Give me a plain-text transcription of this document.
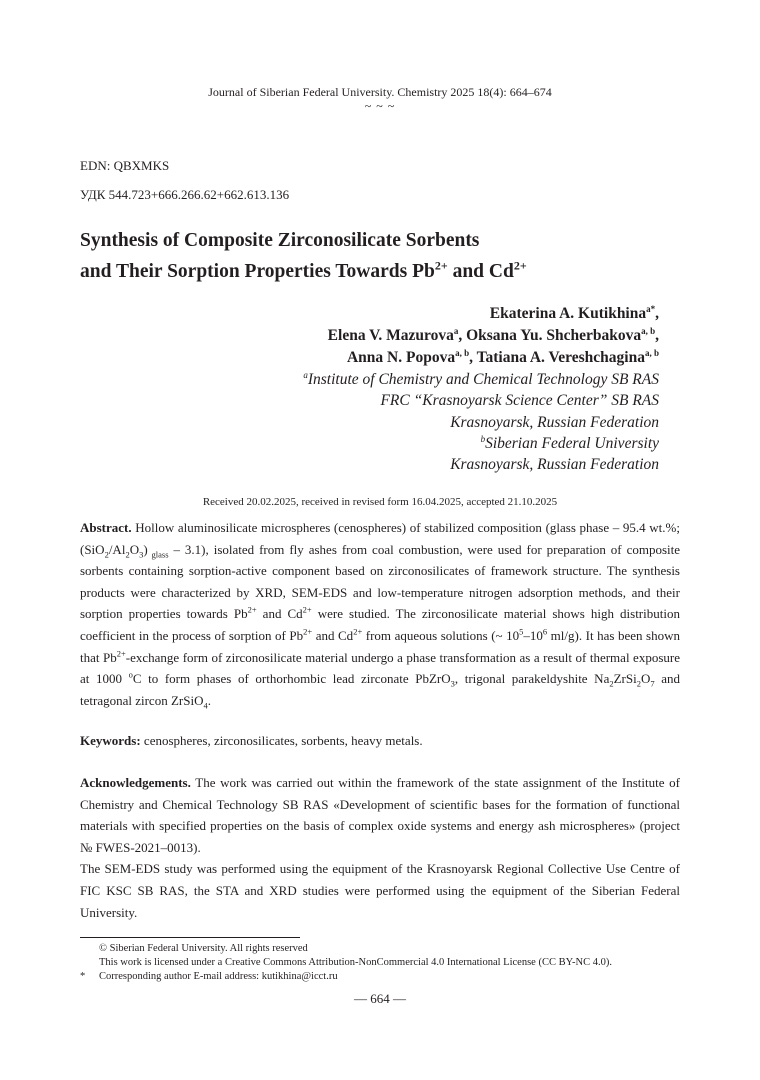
Journal of Siberian Federal University. Chemistry 2025 18(4): 664–674
~ ~ ~
EDN: QBXMKS
УДК 544.723+666.266.62+662.613.136
Synthesis of Composite Zirconosilicate Sorbents
and Their Sorption Properties Towards $Pb^{2+}$ and $Cd^{2+}$
Ekaterina A. Kutikhina$^{a*}$,
Elena V. Mazurova$^a$, Oksana Yu. Shcherbakova$^{a, b}$,
Anna N. Popova$^{a, b}$, Tatiana A. Vereshchagina$^{a, b}$
$^a$Institute of Chemistry and Chemical Technology SB RAS
FRC “Krasnoyarsk Science Center” SB RAS
Krasnoyarsk, Russian Federation
$^b$Siberian Federal University
Krasnoyarsk, Russian Federation
Received 20.02.2025, received in revised form 16.04.2025, accepted 21.10.2025
Abstract. Hollow aluminosilicate microspheres (cenospheres) of stabilized composition (glass phase – 95.4 wt.%; $(SiO_2/Al_2O_3)$ $_{glass}$ – 3.1), isolated from fly ashes from coal combustion, were used for preparation of composite sorbents containing sorption-active component based on zirconosilicates of framework structure. The synthesis products were characterized by XRD, SEM-EDS and low-temperature nitrogen adsorption methods, and their sorption properties towards $Pb^{2+}$ and $Cd^{2+}$ were studied. The zirconosilicate material shows high distribution coefficient in the process of sorption of $Pb^{2+}$ and $Cd^{2+}$ from aqueous solutions (~ $10^5-10^6$ ml/g). It has been shown that $Pb^{2+}$-exchange form of zirconosilicate material undergo a phase transformation as a result of thermal exposure at 1000 $^o$C to form phases of orthorhombic lead zirconate PbZrO$_3$, trigonal parakeldyshite $Na_2ZrSi_2O_7$ and tetragonal zircon ZrSiO$_4$.
Keywords: cenospheres, zirconosilicates, sorbents, heavy metals.
Acknowledgements. The work was carried out within the framework of the state assignment of the Institute of Chemistry and Chemical Technology SB RAS «Development of scientific bases for the formation of functional materials with specified properties on the basis of complex oxide systems and energy ash microspheres» (project № FWES-2021–0013).
The SEM-EDS study was performed using the equipment of the Krasnoyarsk Regional Collective Use Centre of FIC KSC SB RAS, the STA and XRD studies were performed using the equipment of the Siberian Federal University.
© Siberian Federal University. All rights reserved
This work is licensed under a Creative Commons Attribution-NonCommercial 4.0 International License (CC BY-NC 4.0).
* Corresponding author E-mail address: kutikhina@icct.ru
— 664 —
